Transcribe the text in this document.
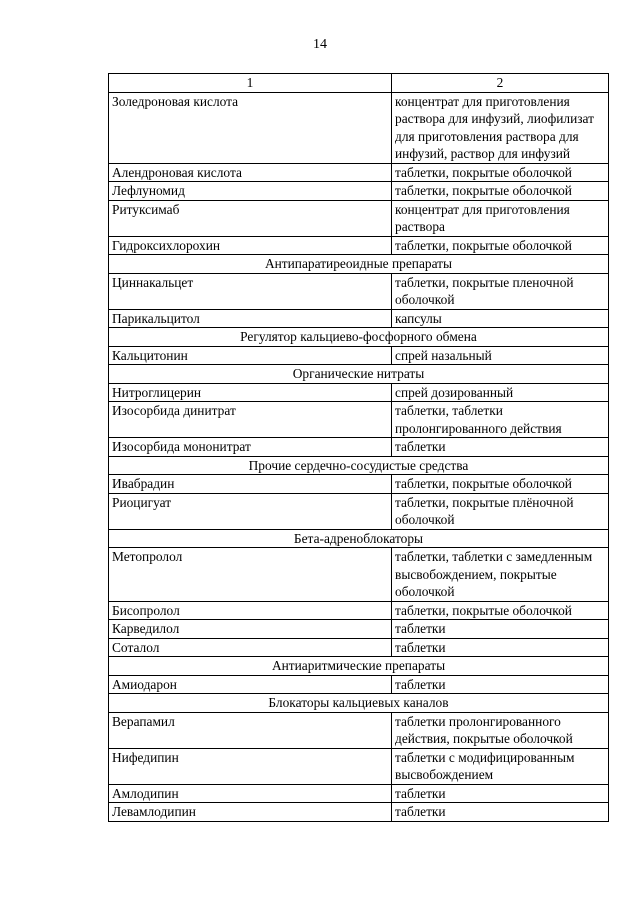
14
1	2
Золедроновая кислота	концентрат для приготовления раствора для инфузий, лиофилизат для приготовления раствора для инфузий, раствор для инфузий
Алендроновая кислота	таблетки, покрытые оболочкой
Лефлуномид	таблетки, покрытые оболочкой
Ритуксимаб	концентрат для приготовления раствора
Гидроксихлорохин	таблетки, покрытые оболочкой
Антипаратиреоидные препараты	
Циннакальцет	таблетки, покрытые пленочной оболочкой
Парикальцитол	капсулы
Регулятор кальциево-фосфорного обмена	
Кальцитонин	спрей назальный
Органические нитраты	
Нитроглицерин	спрей дозированный
Изосорбида динитрат	таблетки, таблетки пролонгированного действия
Изосорбида мононитрат	таблетки
Прочие сердечно-сосудистые средства	
Ивабрадин	таблетки, покрытые оболочкой
Риоцигуат	таблетки, покрытые плёночной оболочкой
Бета-адреноблокаторы	
Метопролол	таблетки, таблетки с замедленным высвобождением, покрытые оболочкой
Бисопролол	таблетки, покрытые оболочкой
Карведилол	таблетки
Соталол	таблетки
Антиаритмические препараты	
Амиодарон	таблетки
Блокаторы кальциевых каналов	
Верапамил	таблетки пролонгированного действия, покрытые оболочкой
Нифедипин	таблетки с модифицированным высвобождением
Амлодипин	таблетки
Левамлодипин	таблетки
